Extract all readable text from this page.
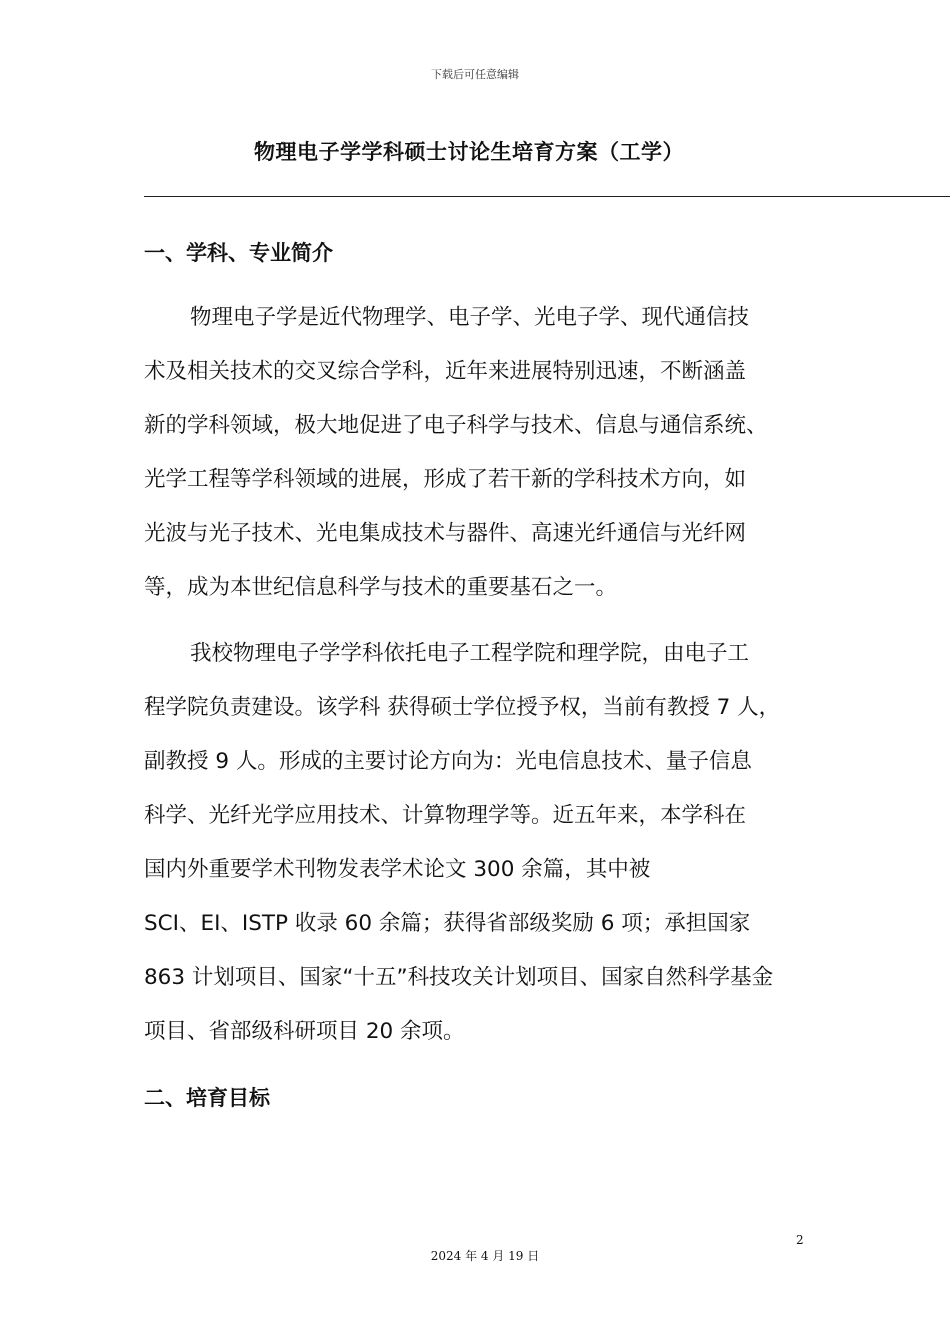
下载后可任意编辑
物理电子学学科硕士讨论生培育方案（工学）
一、学科、专业简介
物理电子学是近代物理学、电子学、光电子学、现代通信技
术及相关技术的交叉综合学科，近年来进展特别迅速，不断涵盖
新的学科领域，极大地促进了电子科学与技术、信息与通信系统、
光学工程等学科领域的进展，形成了若干新的学科技术方向，如
光波与光子技术、光电集成技术与器件、高速光纤通信与光纤网
等，成为本世纪信息科学与技术的重要基石之一。
我校物理电子学学科依托电子工程学院和理学院，由电子工
程学院负责建设。该学科 获得硕士学位授予权，当前有教授 7 人，
副教授 9 人。形成的主要讨论方向为：光电信息技术、量子信息
科学、光纤光学应用技术、计算物理学等。近五年来，本学科在
国内外重要学术刊物发表学术论文 300 余篇，其中被
SCI、EI、ISTP 收录 60 余篇；获得省部级奖励 6 项；承担国家
863 计划项目、国家“十五”科技攻关计划项目、国家自然科学基金
项目、省部级科研项目 20 余项。
二、培育目标
2
2024 年 4 月 19 日
